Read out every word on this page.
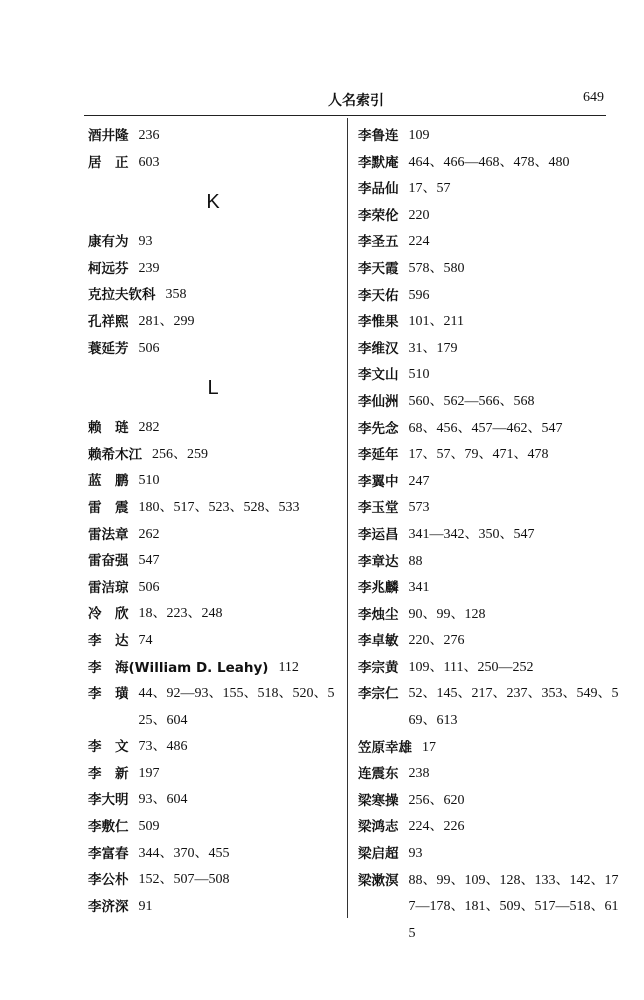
人名索引	649
酒井隆 236
居　正 603
K
康有为 93
柯远芬 239
克拉夫钦科 358
孔祥熙 281、299
蓑延芳 506
L
赖　琏 282
赖希木江 256、259
蓝　鹏 510
雷　震 180、517、523、528、533
雷法章 262
雷奋强 547
雷洁琼 506
冷　欣 18、223、248
李　达 74
李　海(William D. Leahy) 112
李　璜 44、92—93、155、518、520、525、604
李　文 73、486
李　新 197
李大明 93、604
李敷仁 509
李富春 344、370、455
李公朴 152、507—508
李济深 91
李鲁连 109
李默庵 464、466—468、478、480
李品仙 17、57
李荣伦 220
李圣五 224
李天霞 578、580
李天佑 596
李惟果 101、211
李维汉 31、179
李文山 510
李仙洲 560、562—566、568
李先念 68、456、457—462、547
李延年 17、57、79、471、478
李翼中 247
李玉堂 573
李运昌 341—342、350、547
李章达 88
李兆麟 341
李烛尘 90、99、128
李卓敏 220、276
李宗黄 109、111、250—252
李宗仁 52、145、217、237、353、549、569、613
笠原幸雄 17
连震东 238
梁寒操 256、620
梁鸿志 224、226
梁启超 93
梁漱溟 88、99、109、128、133、142、177—178、181、509、517—518、615
